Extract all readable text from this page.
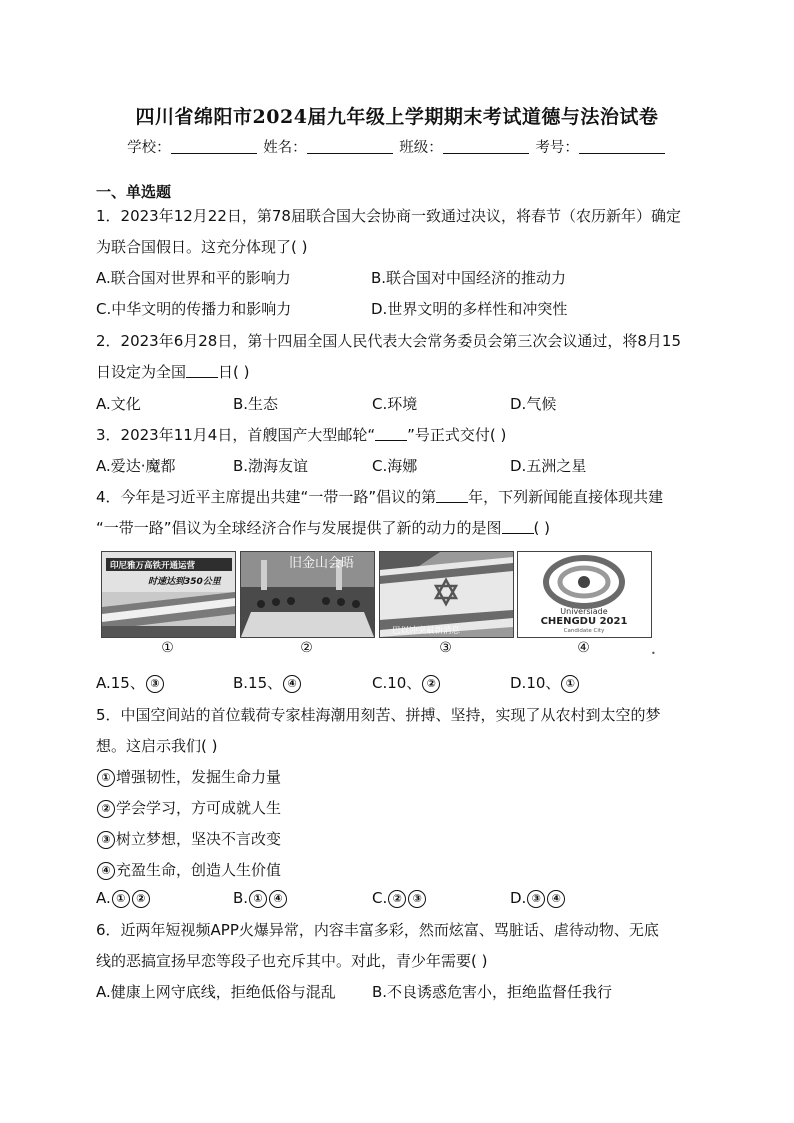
四川省绵阳市2024届九年级上学期期末考试道德与法治试卷
学校：	姓名：	班级：	考号：
一、单选题
1．2023年12月22日，第78届联合国大会协商一致通过决议，将春节（农历新年）确定
为联合国假日。这充分体现了( )
A.联合国对世界和平的影响力	B.联合国对中国经济的推动力
C.中华文明的传播力和影响力	D.世界文明的多样性和冲突性
2．2023年6月28日，第十四届全国人民代表大会常务委员会第三次会议通过，将8月15
日设定为全国 日( )
A.文化	B.生态	C.环境	D.气候
3．2023年11月4日，首艘国产大型邮轮“ ”号正式交付( )
A.爱达·魔都	B.渤海友谊	C.海娜	D.五洲之星
4．今年是习近平主席提出共建“一带一路”倡议的第 年，下列新闻能直接体现共建
“一带一路”倡议为全球经济合作与发展提供了新的动力的是图 ( )
印尼雅万高铁开通运营
时速达到350公里
旧金山会晤
巴以冲突最新消息
Universiade
CHENGDU 2021
Candidate City
①	②	③	④	•
A.15、 ③	B.15、 ④	C.10、 ②	D.10、 ①
5．中国空间站的首位载荷专家桂海潮用刻苦、拼搏、坚持，实现了从农村到太空的梦
想。这启示我们( )
① 增强韧性，发掘生命力量
② 学会学习，方可成就人生
③ 树立梦想，坚决不言改变
④ 充盈生命，创造人生价值
A. ① ②	B. ① ④	C. ② ③	D. ③ ④
6．近两年短视频APP火爆异常，内容丰富多彩，然而炫富、骂脏话、虐待动物、无底
线的恶搞宣扬早恋等段子也充斥其中。对此，青少年需要( )
A.健康上网守底线，拒绝低俗与混乱 B.不良诱惑危害小，拒绝监督任我行
